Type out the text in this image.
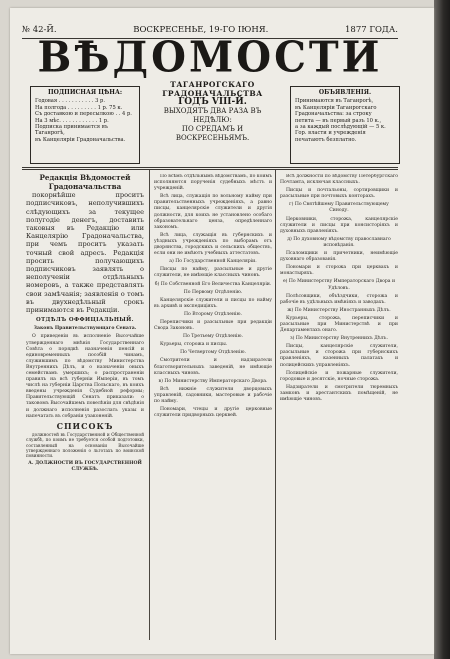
№ 42-Й.	ВОСКРЕСЕНЬЕ, 19-ГО ІЮНЯ.	1877 ГОДА.
ВѢДОМОСТИ
ТАГАНРОГСКАГО ГРАДОНАЧАЛЬСТВА
ГОДЪ VIII-Й.
ВЫХОДЯТЪ ДВА РАЗА ВЪ НЕДѢЛЮ:
ПО СРЕДАМЪ И ВОСКРЕСЕНЬЯМЪ.
ПОДПИСНАЯ ЦѢНА:
Годовая . . . . . . . . . . . 3 р.
На полгода . . . . . . . . . 1 р. 75 к.
Съ доставкою и пересылкою . . 4 р.
На 3 мѣс. . . . . . . . . . . . 1 р.
Подписка принимается въ Таганрогѣ,
въ Канцеляріи Градоначальства.
ОБЪЯВЛЕНІЯ.
Принимаются въ Таганрогѣ,
въ Канцеляріи Таганрогскаго
Градоначальства: за строку
петита — въ первый разъ 10 к.,
а за каждый послѣдующій — 5 к.
Гор. власти и учрежденія
печатаютъ безплатно.
Редакція Вѣдомостей Градоначальства
покорнѣйше проситъ подписчиковъ, неполучившихъ слѣдующихъ за текущее полугодіе денегъ, доставить таковыя въ Редакцію или Канцелярію Градоначальства, при чемъ проситъ указать точный свой адресъ. Редакція просить получающихъ подписчиковъ заявлять о неполученіи отдѣльныхъ номеровъ, а также представлять свои замѣчанія; заявленія о томъ въ двухнедѣльный срокъ принимаются въ Редакціи.
ОТДѢЛЪ ОФФИЦІАЛЬНЫЙ.

Законъ Правительствующаго Сената.

О приведеніи въ исполненіе Высочайше утвержденнаго мнѣнія Государственнаго Совѣта о порядкѣ назначенія пенсій и единовременныхъ пособій чинамъ, служившимъ по вѣдомству Министерства Внутреннихъ Дѣлъ, и о назначеніи оныхъ семействамъ умершихъ; о распространеніи правилъ на всѣ губерніи Имперіи, въ томъ числѣ на губерніи Царства Польскаго, въ коихъ введены учрежденія Судебной реформы; Правительствующій Сенатъ приказали: о таковомъ Высочайшемъ повелѣніи для свѣдѣнія и должнаго исполненія разослать указы и напечатать въ собраніи узаконеній.

СПИСОКЪ

должностей въ Государственной и Общественной службѣ, по коимъ не требуется особой подготовки, составленный на основаніи Высочайше утвержденнаго положенія о льготахъ по воинской повинности.

А. ДОЛЖНОСТИ ВЪ ГОСУДАРСТВЕННОЙ СЛУЖБѢ.

По всѣмъ отдѣльнымъ вѣдомствамъ, по коимъ исполняются порученія судебныхъ мѣстъ и учрежденій.

Всѣ лица, служащія по вольному найму при правительственныхъ учрежденіяхъ, а равно писцы, канцелярскіе служители и другія должности, для коихъ не установлено особаго образовательнаго ценза, опредѣленнаго закономъ.

Всѣ лица, служащія въ губернскихъ и уѣздныхъ учрежденіяхъ по выборамъ отъ дворянства, городскихъ и сельскихъ обществъ, если они не имѣютъ учебныхъ аттестатовъ.

а) По Государственной Канцеляріи.

Писцы по найму, разсыльные и другіе служители, не имѣющіе классныхъ чиновъ.

б) По Собственной Его Величества Канцеляріи.

По Первому Отдѣленію.

Канцелярскіе служители и писцы по найму въ архивѣ и экспедиціяхъ.

По Второму Отдѣленію.

Переписчики и разсыльные при редакціи Свода Законовъ.

По Третьему Отдѣленію.

Курьеры, сторожа и писцы.

По Четвертому Отдѣленію.

Смотрители и надзиратели благотворительныхъ заведеній, не имѣющіе классныхъ чиновъ.

в) По Министерству Императорскаго Двора.

Всѣ нижніе служители дворцовыхъ управленій, садовники, мастеровые и рабочіе по найму.

Пономари, чтецы и другіе церковные служители придворныхъ церквей.

Всѣ должности по вѣдомству Петербургскаго Почтамта, исключая классныхъ.

Писцы и почтальоны, сортировщики и разсыльные при почтовыхъ конторахъ.

г) По Святѣйшему Правительствующему Синоду.

Церковники, сторожа, канцелярскіе служители и писцы при консисторіяхъ и духовныхъ правленіяхъ.

д) По духовному вѣдомству православнаго исповѣданія.

Псаломщики и причетники, неимѣющіе духовнаго образованія.

Пономари и сторожа при церквахъ и монастыряхъ.

е) По Министерству Императорскаго Двора и Удѣловъ.

Полѣсовщики, объѣздчики, сторожа и рабочіе въ удѣльныхъ имѣніяхъ и заводахъ.

ж) По Министерству Иностранныхъ Дѣлъ.

Курьеры, сторожа, переписчики и разсыльные при Министерствѣ и при Департаментахъ онаго.

з) По Министерству Внутреннихъ Дѣлъ.

Писцы, канцелярскіе служители, разсыльные и сторожа при губернскихъ правленіяхъ, казенныхъ палатахъ и полицейскихъ управленіяхъ.

Полицейскіе и пожарные служители, городовые и десятскіе, ночные сторожа.

Надзиратели и смотрители тюремныхъ замковъ и арестантскихъ помѣщеній, не имѣющіе чиновъ.
